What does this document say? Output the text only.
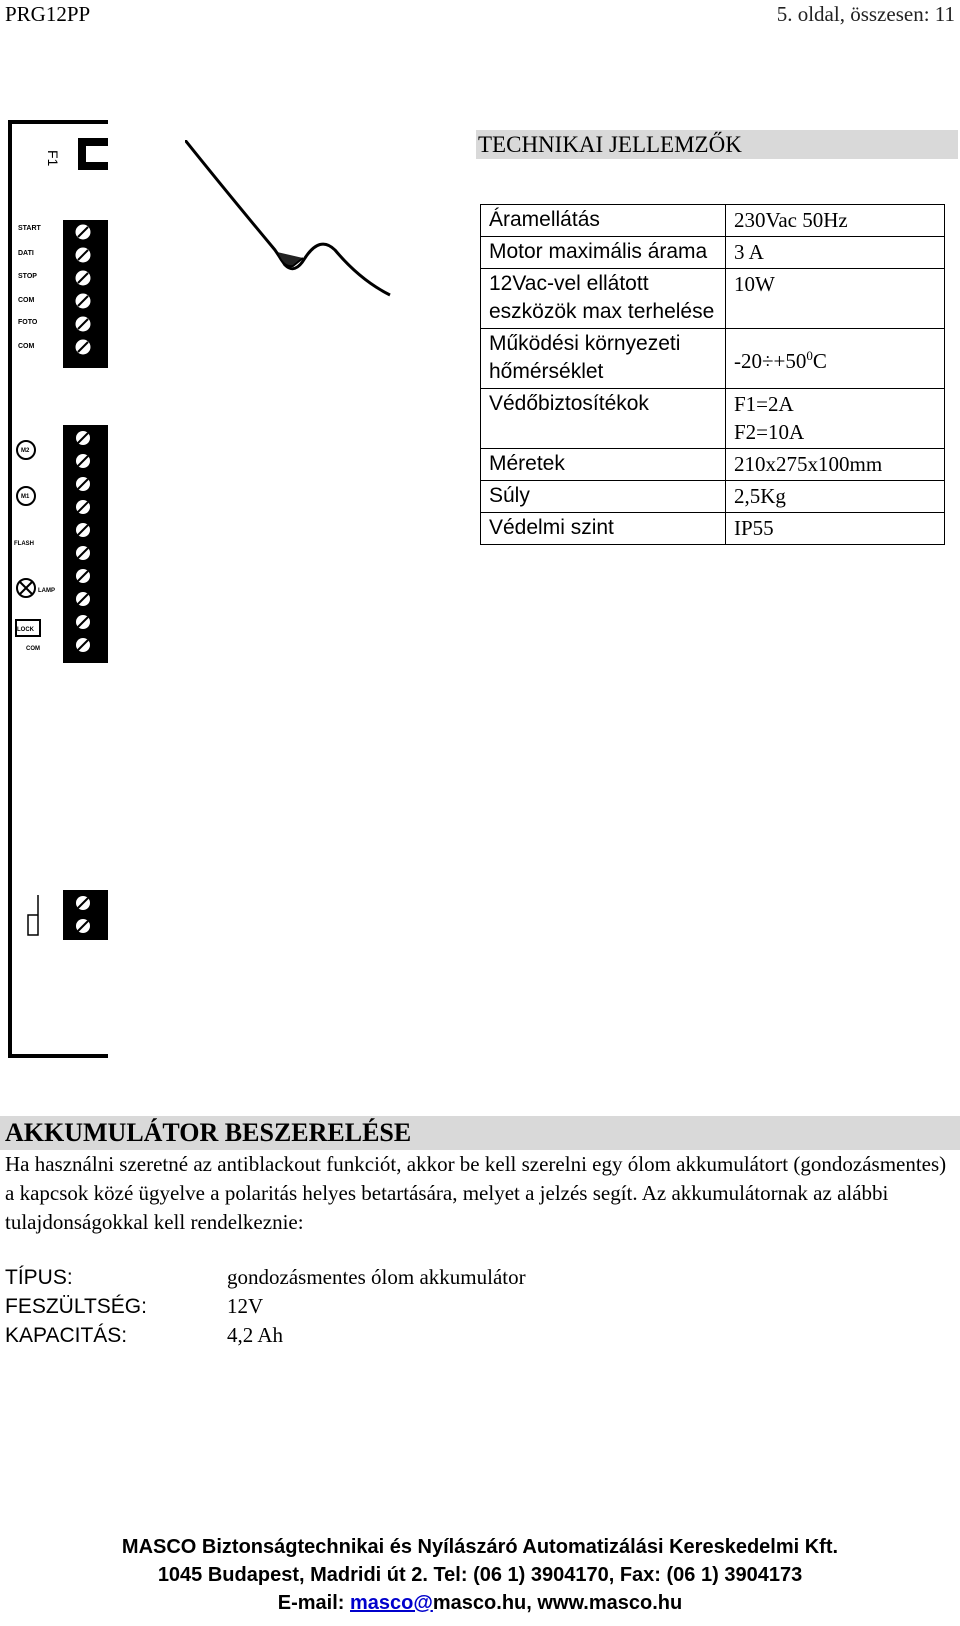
PRG12PP	5. oldal, összesen: 11
F1
START
DATI
STOP
COM
FOTO
COM
M2
M1
FLASH
LAMP
LOCK
COM
TECHNIKAI JELLEMZŐK
Áramellátás	230Vac 50Hz
Motor maximális árama	3 A
12Vac-vel ellátott eszközök max terhelése	10W
Működési környezeti hőmérséklet	$-20\div+50^0C$
Védőbiztosítékok	F1=2A
F2=10A

Méretek	210x275x100mm
Súly	2,5Kg
Védelmi szint	IP55
AKKUMULÁTOR BESZERELÉSE
Ha használni szeretné az antiblackout funkciót, akkor be kell szerelni egy ólom akkumulátort (gondozásmentes) a kapcsok közé ügyelve a polaritás helyes betartására, melyet a jelzés segít. Az akkumulátornak az alábbi tulajdonságokkal kell rendelkeznie:
TÍPUS:	gondozásmentes ólom akkumulátor
FESZÜLTSÉG:	12V
KAPACITÁS:	4,2 Ah
MASCO Biztonságtechnikai és Nyílászáró Automatizálási Kereskedelmi Kft.
1045 Budapest, Madridi út 2. Tel: (06 1) 3904170, Fax: (06 1) 3904173
E-mail: masco@masco.hu, www.masco.hu
